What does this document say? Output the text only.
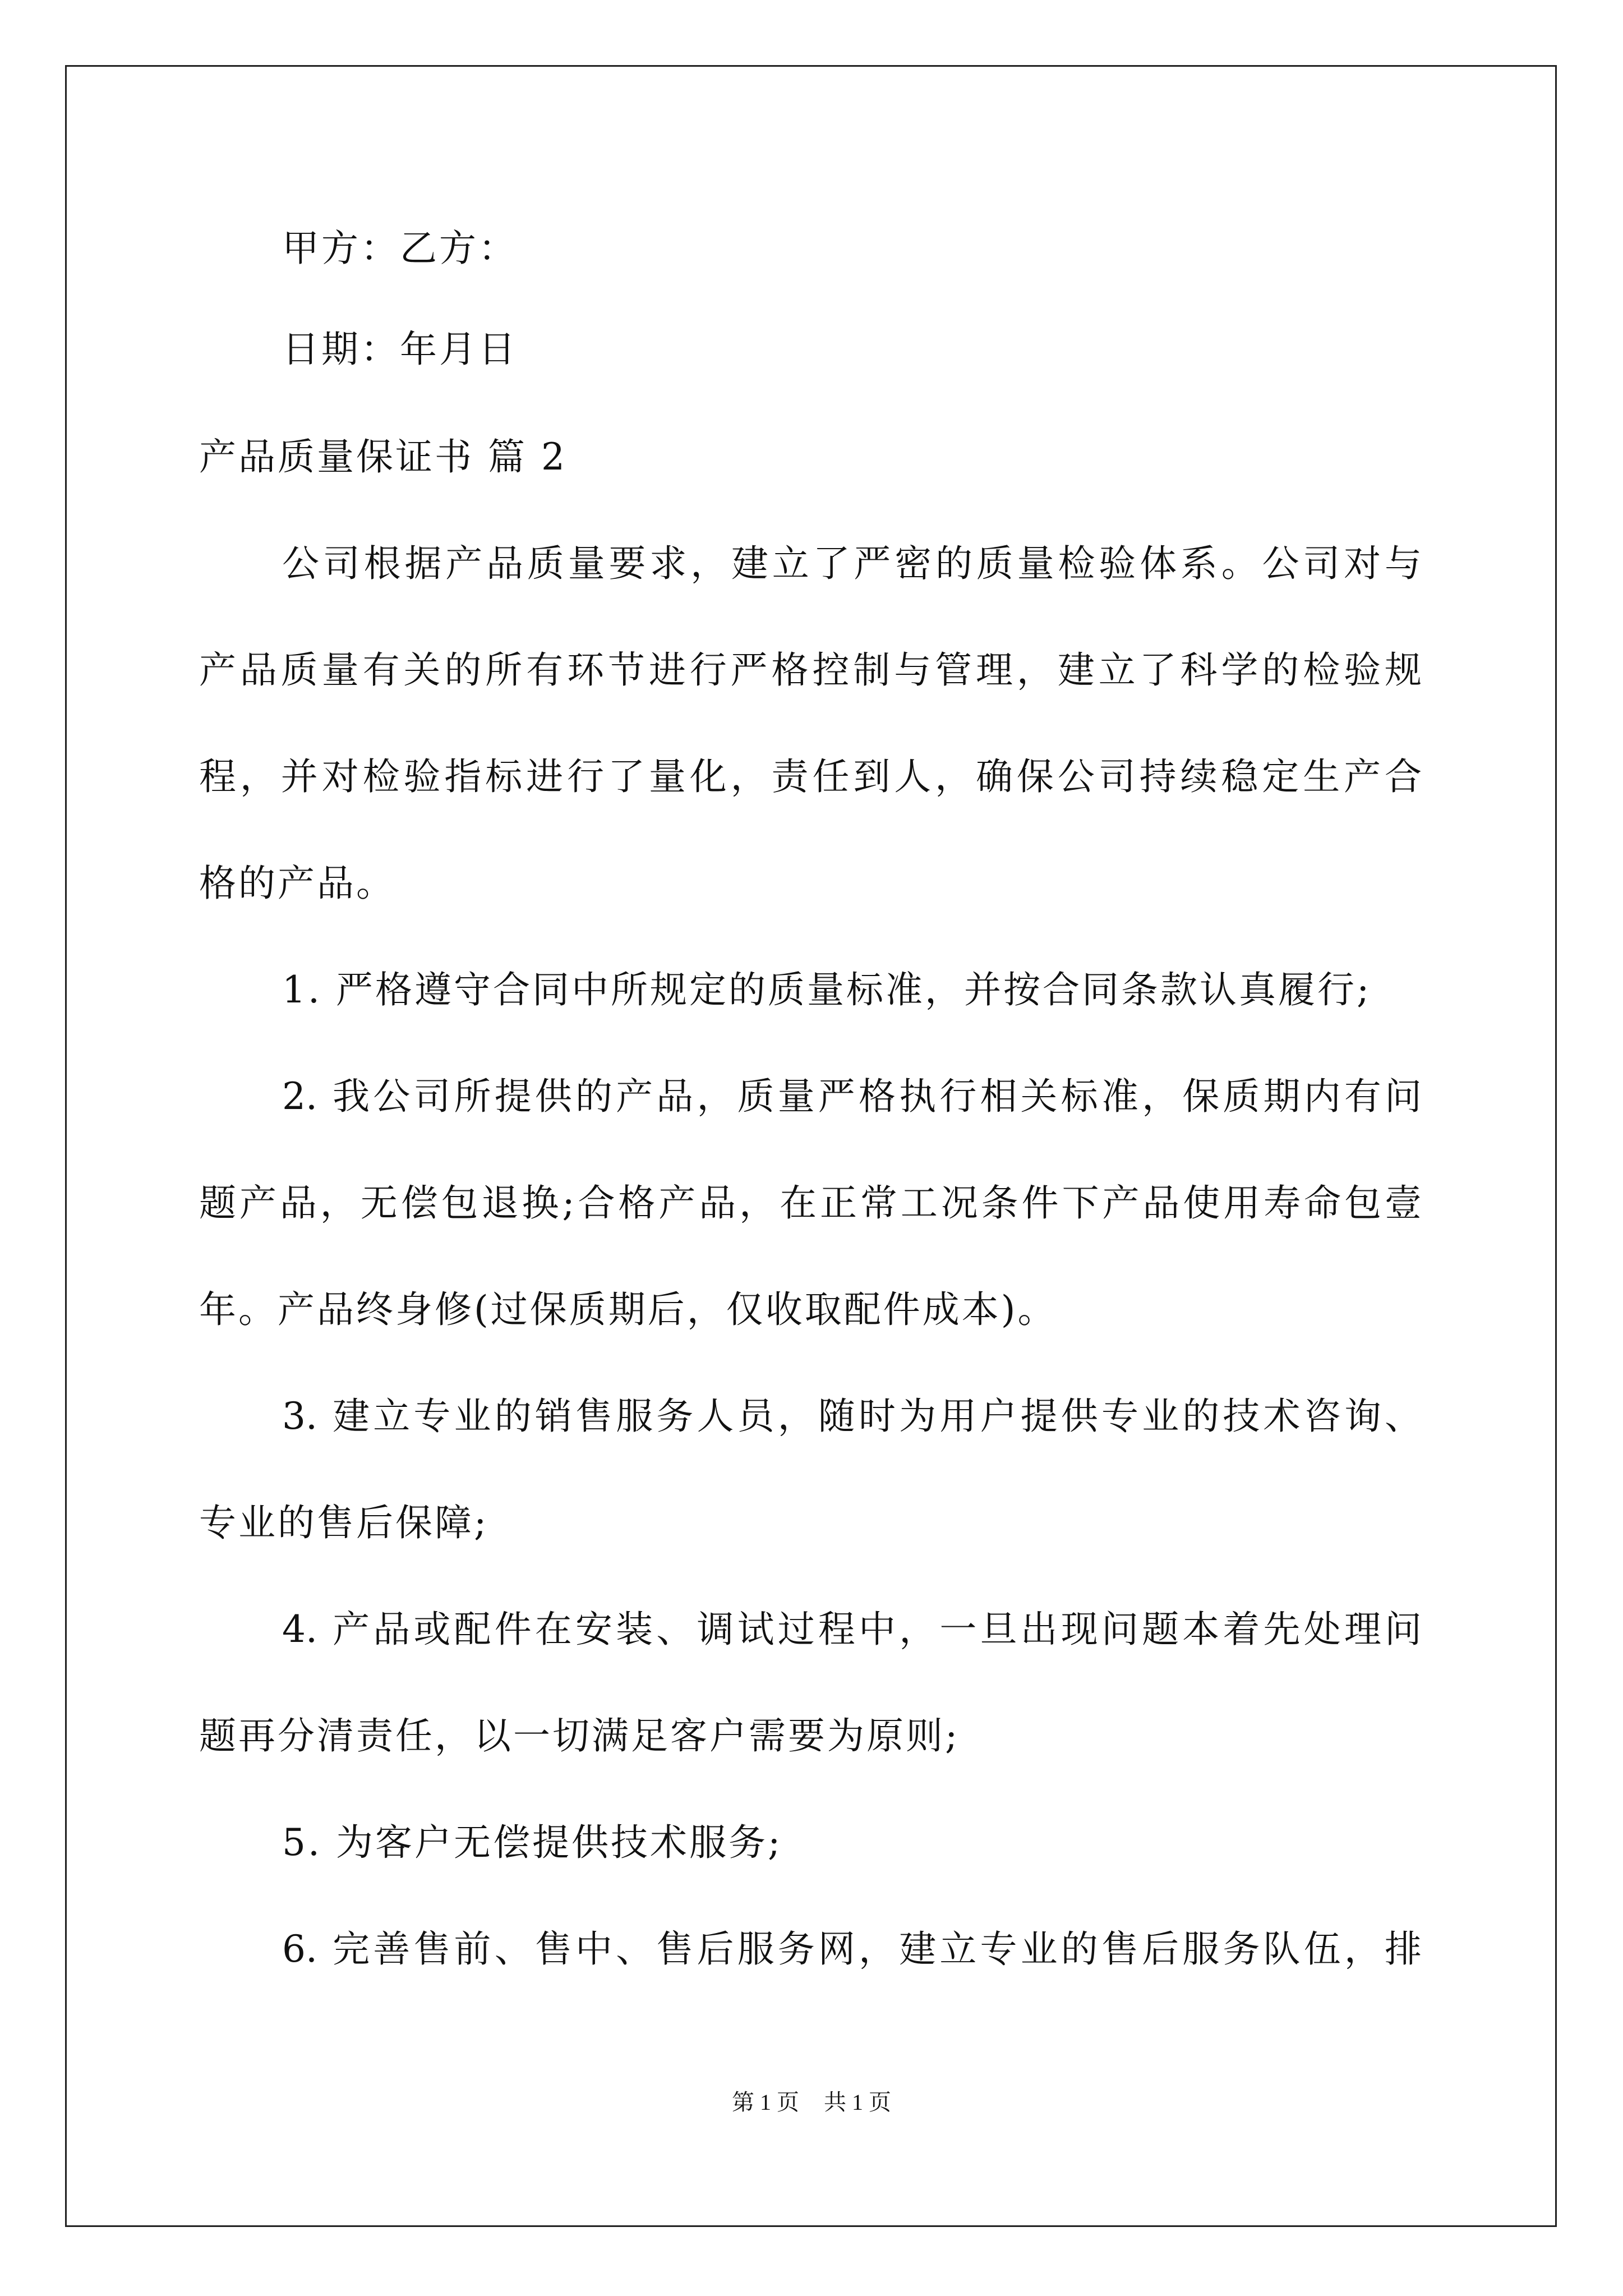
甲方：乙方：
日期：年月日
产品质量保证书 篇 2
公司根据产品质量要求，建立了严密的质量检验体系。公司对与
产品质量有关的所有环节进行严格控制与管理，建立了科学的检验规
程，并对检验指标进行了量化，责任到人，确保公司持续稳定生产合
格的产品。
1. 严格遵守合同中所规定的质量标准，并按合同条款认真履行;
2. 我公司所提供的产品，质量严格执行相关标准，保质期内有问
题产品，无偿包退换;合格产品，在正常工况条件下产品使用寿命包壹
年。产品终身修(过保质期后，仅收取配件成本)。
3. 建立专业的销售服务人员，随时为用户提供专业的技术咨询、
专业的售后保障;
4. 产品或配件在安装、调试过程中，一旦出现问题本着先处理问
题再分清责任，以一切满足客户需要为原则;
5. 为客户无偿提供技术服务;
6. 完善售前、售中、售后服务网，建立专业的售后服务队伍，排
第 1 页 共 1 页
